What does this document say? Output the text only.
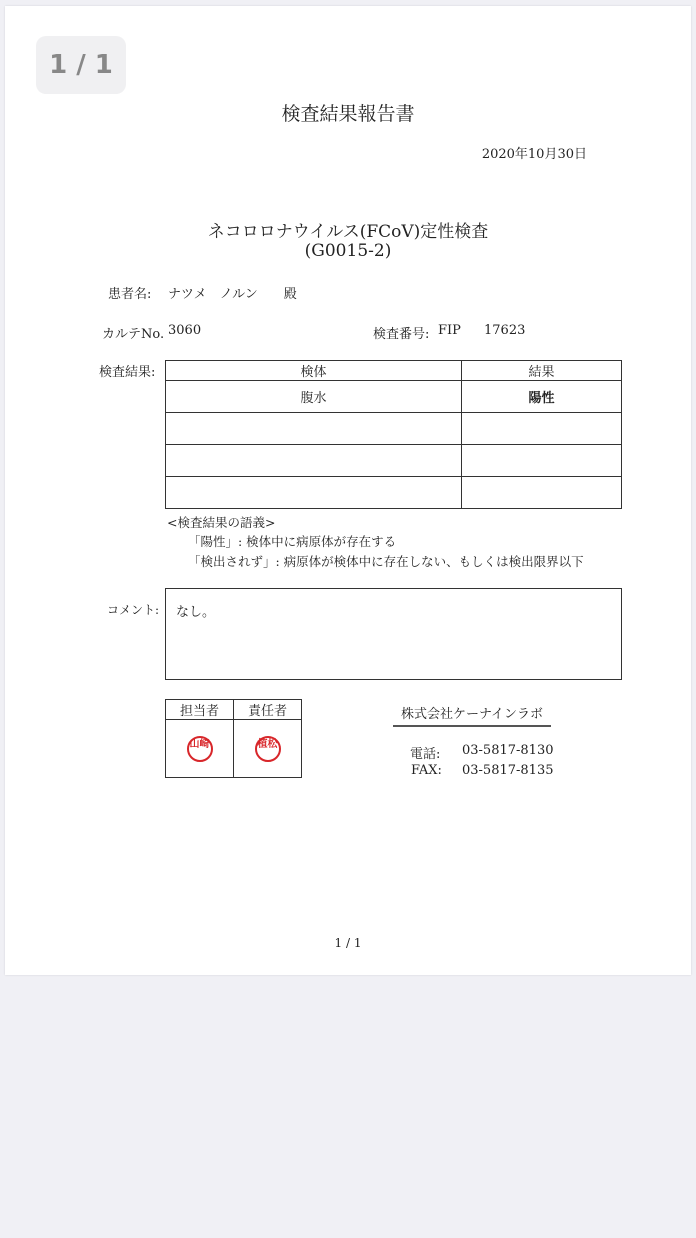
1 / 1
検査結果報告書
2020年10月30日
ネコロロナウイルス(FCoV)定性検査
(G0015-2)
患者名: ナツメ　ノルン　　殿
カルテNo. 3060	検査番号: FIP 17623
検査結果:	検体	結果
腹水	陽性

<検査結果の語義>
「陽性」: 検体中に病原体が存在する
「検出されず」: 病原体が検体中に存在しない、もしくは検出限界以下
コメント: なし。
担当者	責任者
山崎	植松
株式会社ケーナインラボ
電話: 03-5817-8130
FAX: 03-5817-8135
1 / 1
